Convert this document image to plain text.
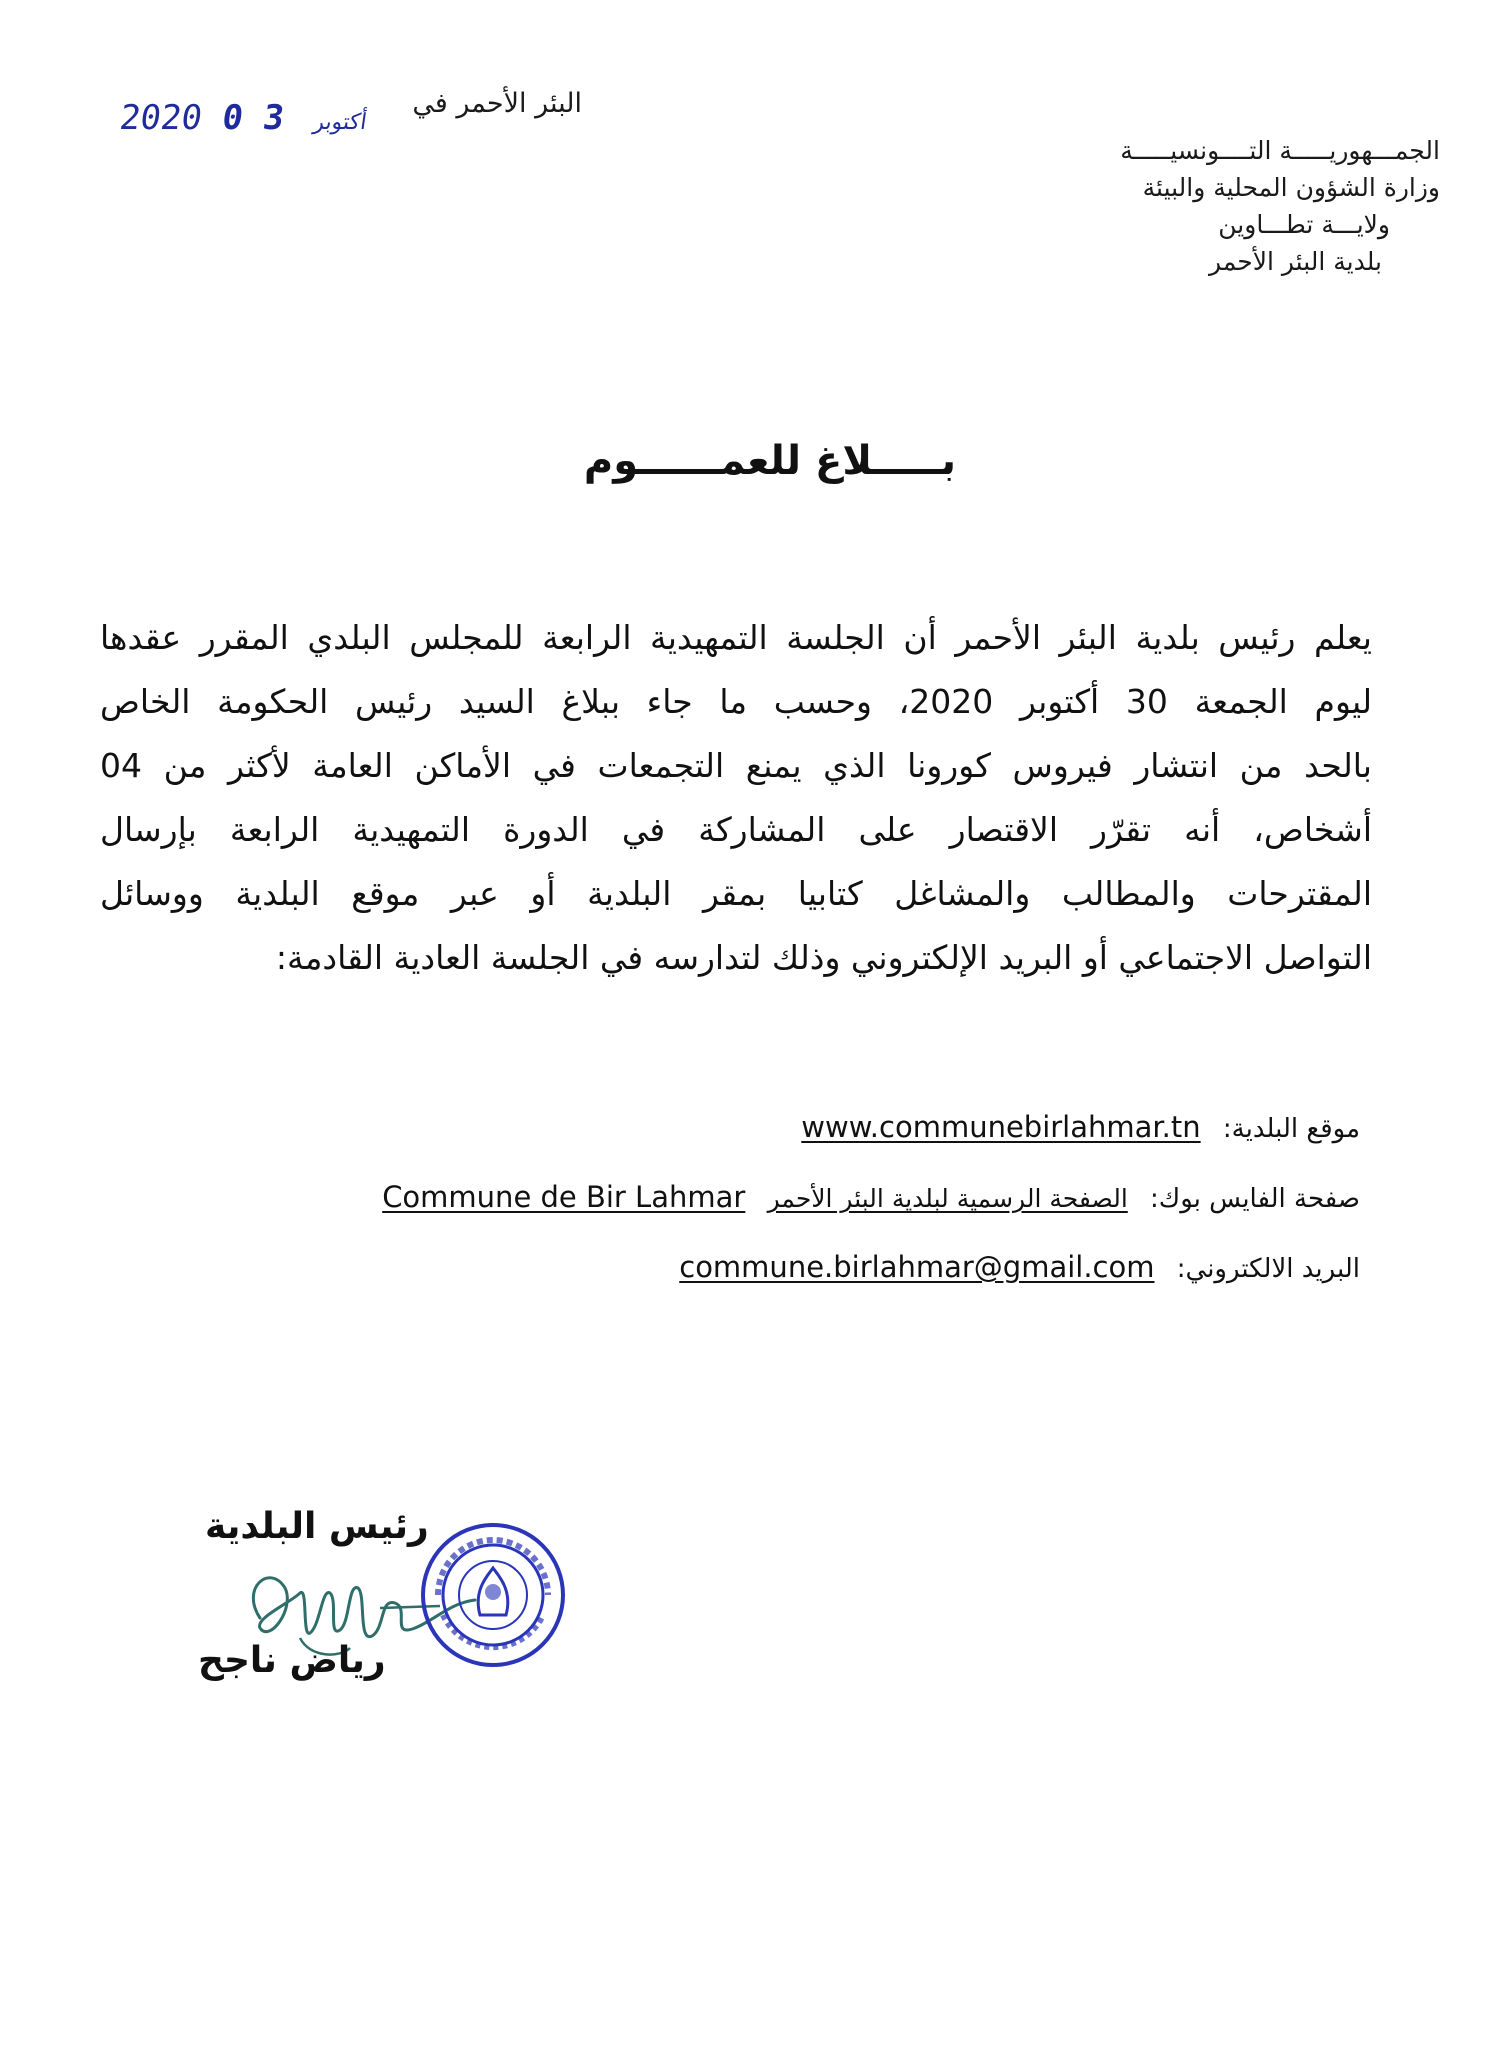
الجمـــهوريـــــة التــــونسيـــــة
وزارة الشؤون المحلية والبيئة
ولايـــة تطـــاوين
بلدية البئر الأحمر
البئر الأحمر في
2020	أكتوبر 3 0
بـــــلاغ للعمــــــوم
يعلم رئيس بلدية البئر الأحمر أن الجلسة التمهيدية الرابعة للمجلس البلدي المقرر عقدها
ليوم الجمعة 30 أكتوبر 2020، وحسب ما جاء ببلاغ السيد رئيس الحكومة الخاص
بالحد من انتشار فيروس كورونا الذي يمنع التجمعات في الأماكن العامة لأكثر من 04
أشخاص، أنه تقرّر الاقتصار على المشاركة في الدورة التمهيدية الرابعة بإرسال
المقترحات والمطالب والمشاغل كتابيا بمقر البلدية أو عبر موقع البلدية ووسائل
التواصل الاجتماعي أو البريد الإلكتروني وذلك لتدارسه في الجلسة العادية القادمة:
موقع البلدية: www.communebirlahmar.tn
صفحة الفايس بوك: الصفحة الرسمية لبلدية البئر الأحمر Commune de Bir Lahmar
البريد الالكتروني: commune.birlahmar@gmail.com
رئيس البلدية
رياض ناجح
